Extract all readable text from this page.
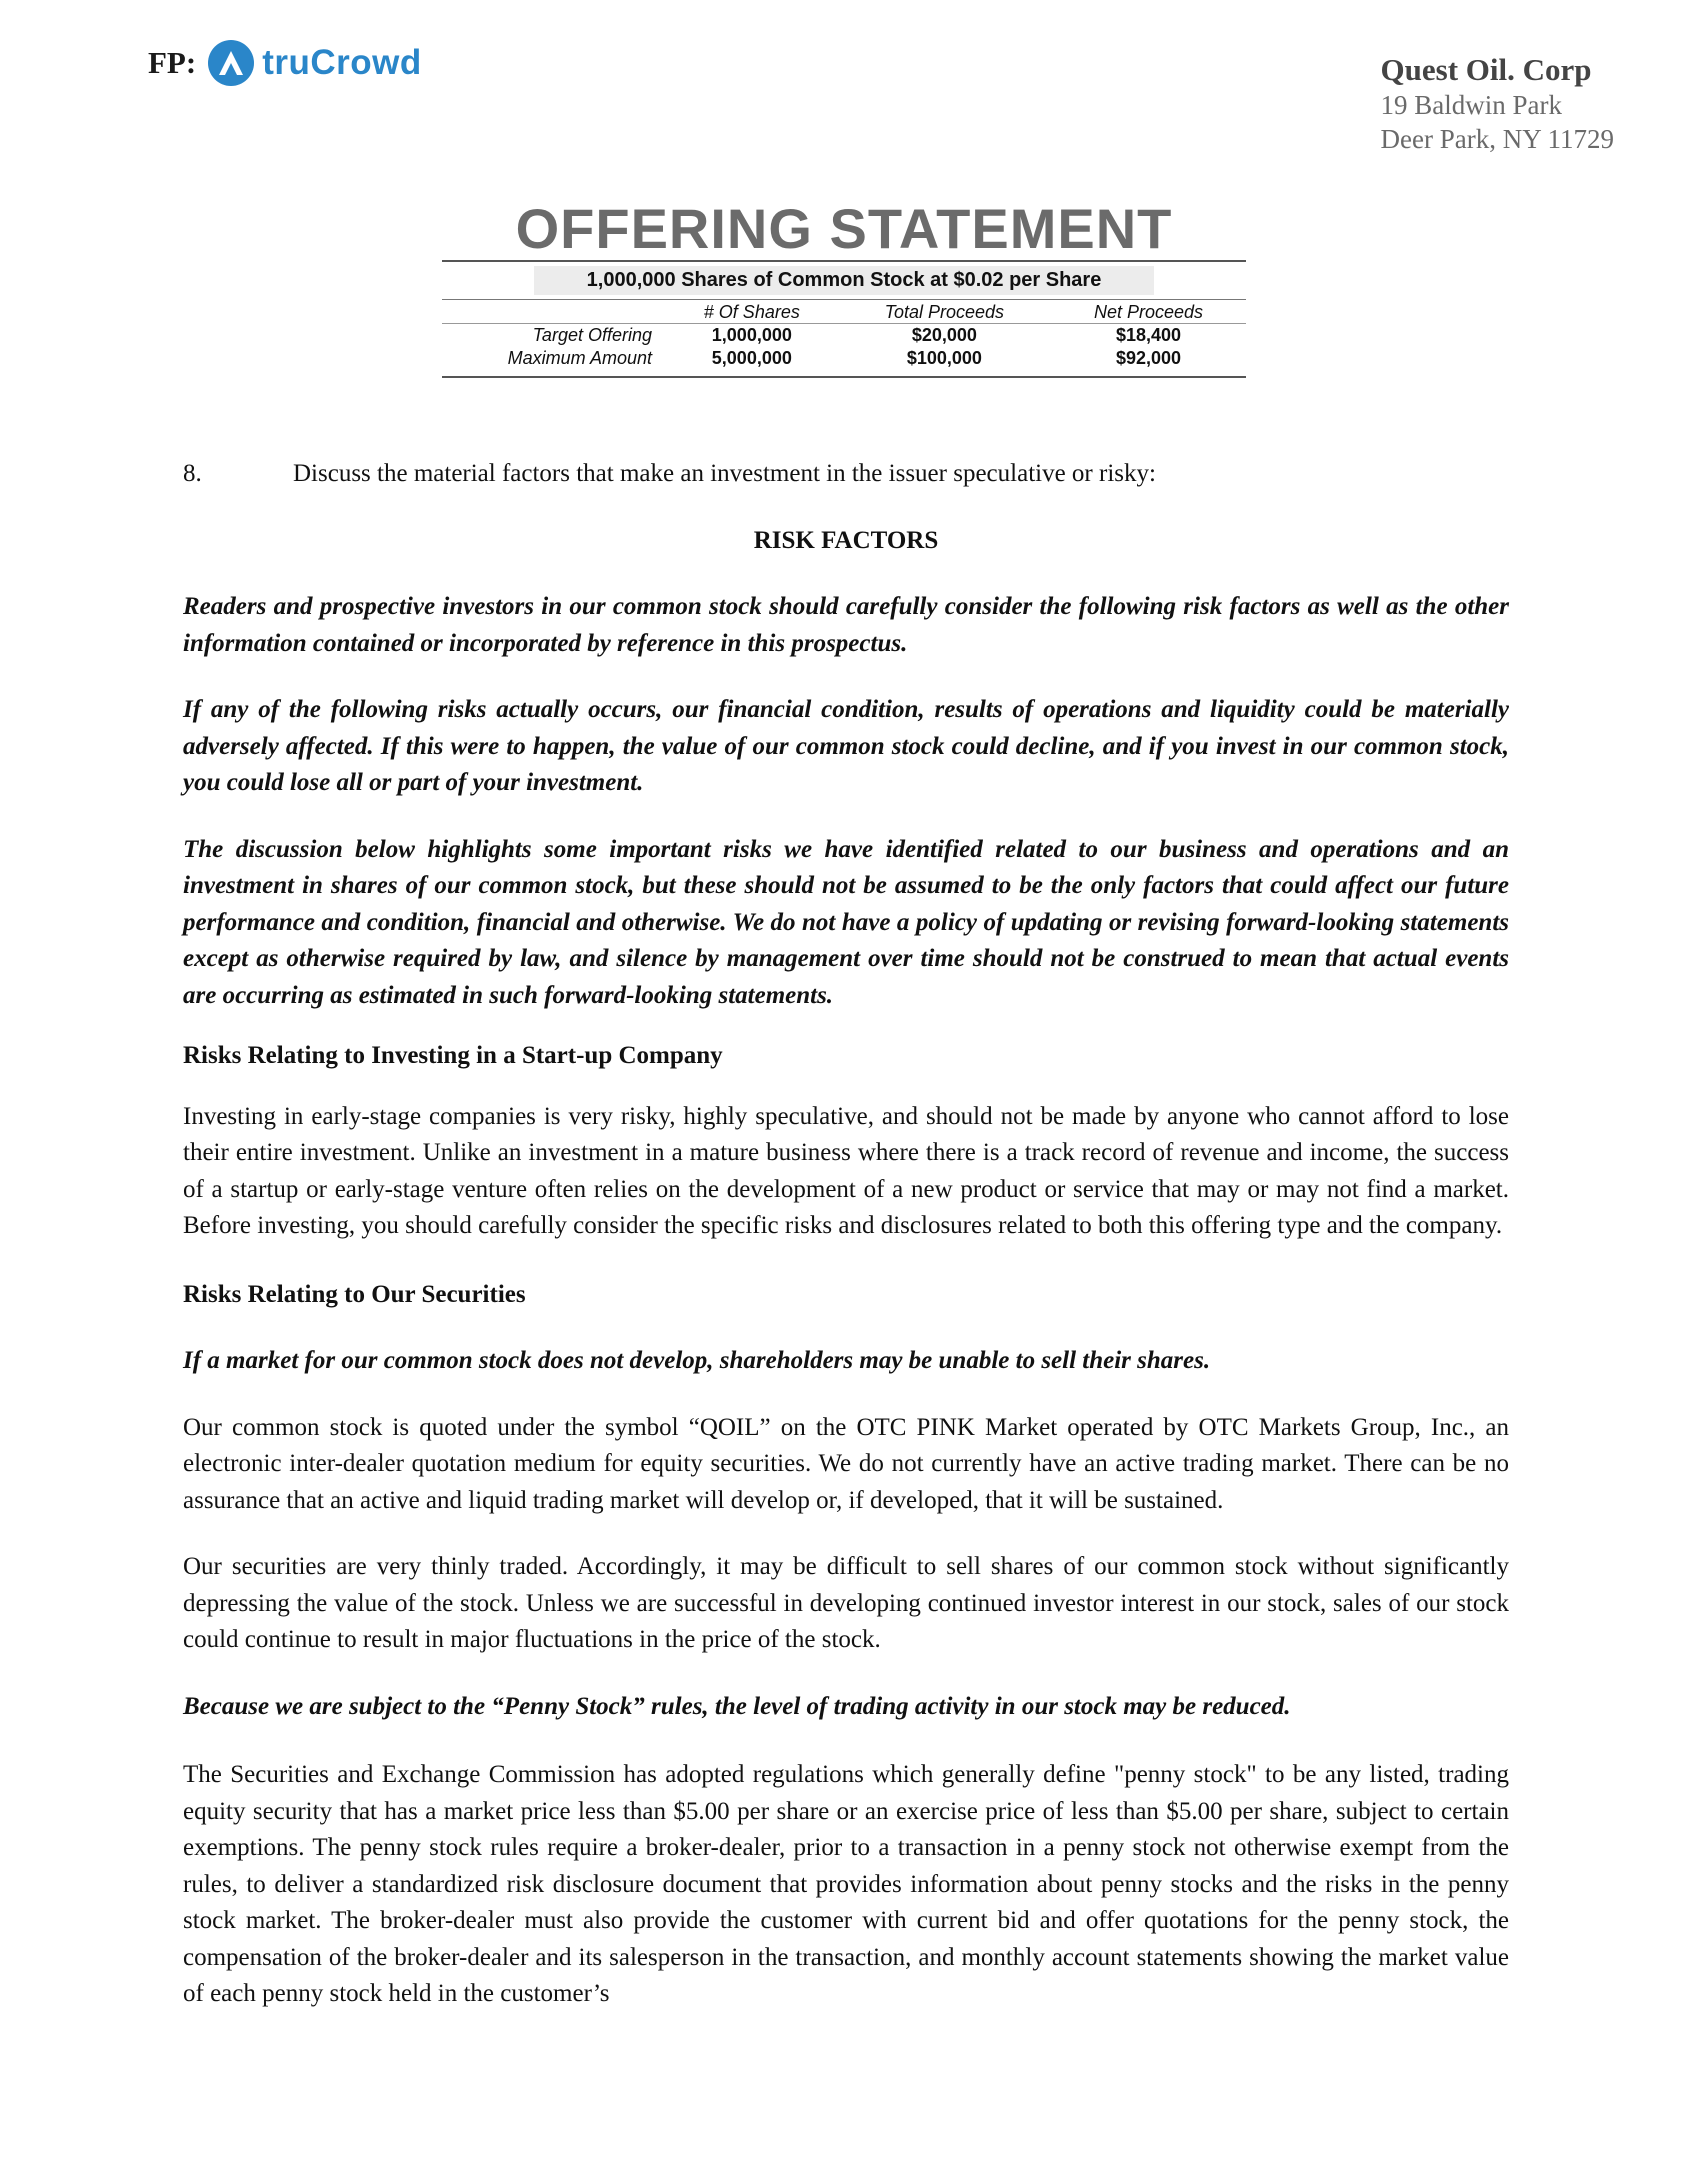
FP: truCrowd	Quest Oil. Corp
19 Baldwin Park
Deer Park, NY 11729
OFFERING STATEMENT
1,000,000 Shares of Common Stock at $0.02 per Share
	# Of Shares	Total Proceeds	Net Proceeds
Target Offering	1,000,000	$20,000	$18,400
Maximum Amount	5,000,000	$100,000	$92,000
8.	Discuss the material factors that make an investment in the issuer speculative or risky:
RISK FACTORS

Readers and prospective investors in our common stock should carefully consider the following risk factors as well as the other information contained or incorporated by reference in this prospectus.

If any of the following risks actually occurs, our financial condition, results of operations and liquidity could be materially adversely affected. If this were to happen, the value of our common stock could decline, and if you invest in our common stock, you could lose all or part of your investment.

The discussion below highlights some important risks we have identified related to our business and operations and an investment in shares of our common stock, but these should not be assumed to be the only factors that could affect our future performance and condition, financial and otherwise. We do not have a policy of updating or revising forward-looking statements except as otherwise required by law, and silence by management over time should not be construed to mean that actual events are occurring as estimated in such forward-looking statements.

Risks Relating to Investing in a Start-up Company

Investing in early-stage companies is very risky, highly speculative, and should not be made by anyone who cannot afford to lose their entire investment. Unlike an investment in a mature business where there is a track record of revenue and income, the success of a startup or early-stage venture often relies on the development of a new product or service that may or may not find a market. Before investing, you should carefully consider the specific risks and disclosures related to both this offering type and the company.

Risks Relating to Our Securities

If a market for our common stock does not develop, shareholders may be unable to sell their shares.

Our common stock is quoted under the symbol “QOIL” on the OTC PINK Market operated by OTC Markets Group, Inc., an electronic inter-dealer quotation medium for equity securities. We do not currently have an active trading market. There can be no assurance that an active and liquid trading market will develop or, if developed, that it will be sustained.

Our securities are very thinly traded. Accordingly, it may be difficult to sell shares of our common stock without significantly depressing the value of the stock. Unless we are successful in developing continued investor interest in our stock, sales of our stock could continue to result in major fluctuations in the price of the stock.

Because we are subject to the “Penny Stock” rules, the level of trading activity in our stock may be reduced.

The Securities and Exchange Commission has adopted regulations which generally define "penny stock" to be any listed, trading equity security that has a market price less than $5.00 per share or an exercise price of less than $5.00 per share, subject to certain exemptions. The penny stock rules require a broker-dealer, prior to a transaction in a penny stock not otherwise exempt from the rules, to deliver a standardized risk disclosure document that provides information about penny stocks and the risks in the penny stock market. The broker-dealer must also provide the customer with current bid and offer quotations for the penny stock, the compensation of the broker-dealer and its salesperson in the transaction, and monthly account statements showing the market value of each penny stock held in the customer’s
